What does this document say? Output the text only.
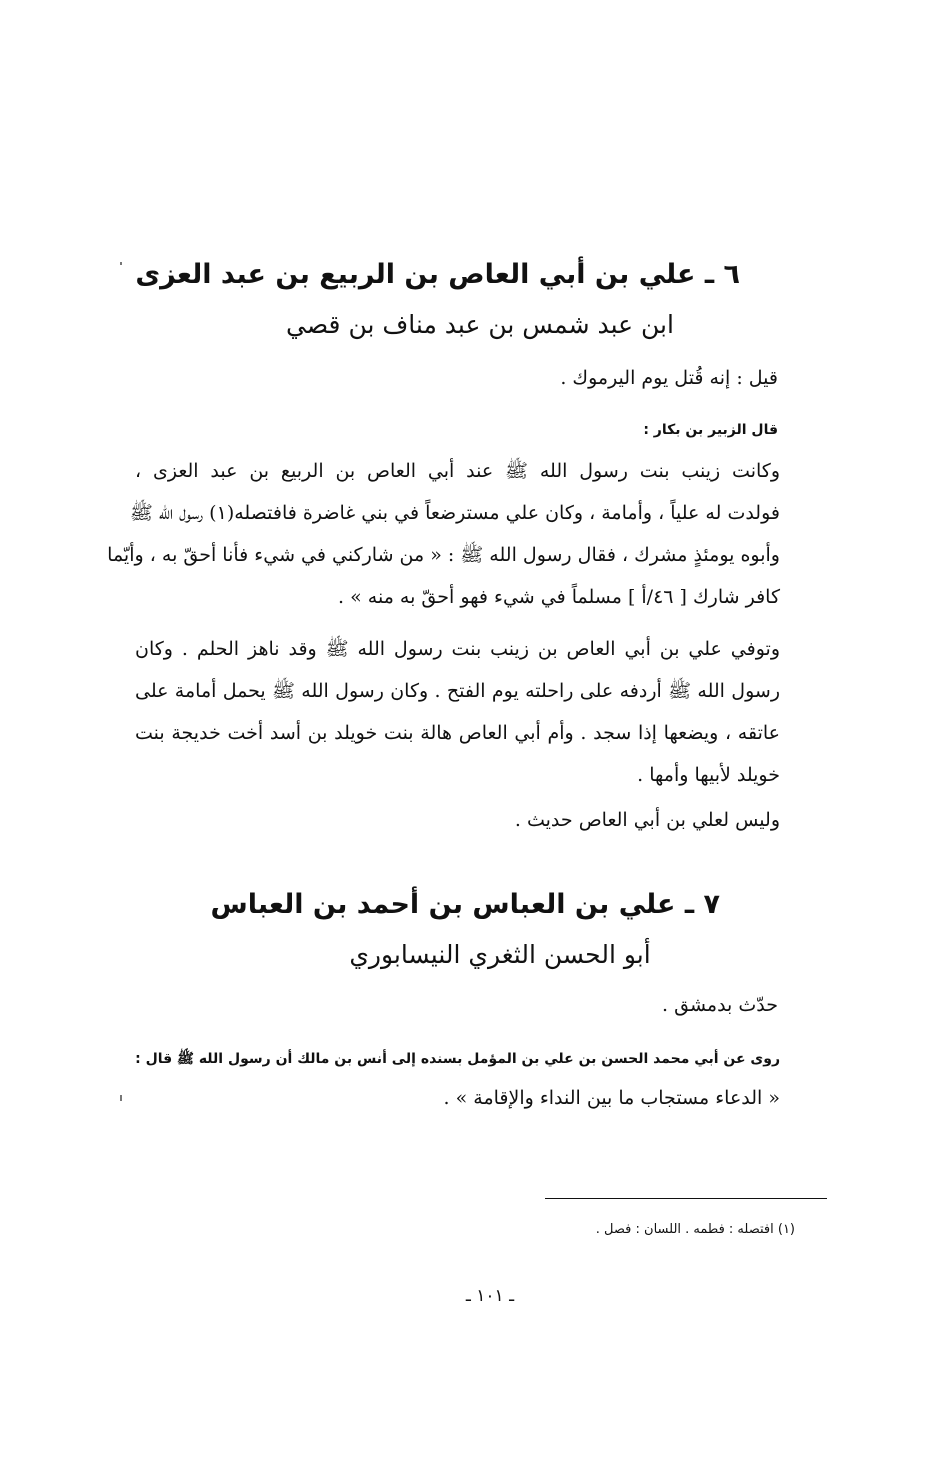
٦ ـ علي بن أبي العاص بن الربيع بن عبد العزى
ابن عبد شمس بن عبد مناف بن قصي
قيل : إنه قُتل يوم اليرموك .
قال الزبير بن بكار :
وكانت زينب بنت رسول الله ﷺ عند أبي العاص بن الربيع بن عبد العزى ،
فولدت له علياً ، وأمامة ، وكان علي مسترضعاً في بني غاضرة فافتصله(١) رسول الله ﷺ
وأبوه يومئذٍ مشرك ، فقال رسول الله ﷺ : « من شاركني في شيء فأنا أحقّ به ، وأيّما
كافر شارك [ ٤٦/أ ] مسلماً في شيء فهو أحقّ به منه » .
وتوفي علي بن أبي العاص بن زينب بنت رسول الله ﷺ وقد ناهز الحلم . وكان
رسول الله ﷺ أردفه على راحلته يوم الفتح . وكان رسول الله ﷺ يحمل أمامة على
عاتقه ، ويضعها إذا سجد . وأم أبي العاص هالة بنت خويلد بن أسد أخت خديجة بنت
خويلد لأبيها وأمها .
وليس لعلي بن أبي العاص حديث .
٧ ـ علي بن العباس بن أحمد بن العباس
أبو الحسن الثغري النيسابوري
حدّث بدمشق .
روى عن أبي محمد الحسن بن علي بن المؤمل بسنده إلى أنس بن مالك أن رسول الله ﷺ قال :
« الدعاء مستجاب ما بين النداء والإقامة » .
(١) افتصله : فطمه . اللسان : فصل .
ـ ١٠١ ـ
